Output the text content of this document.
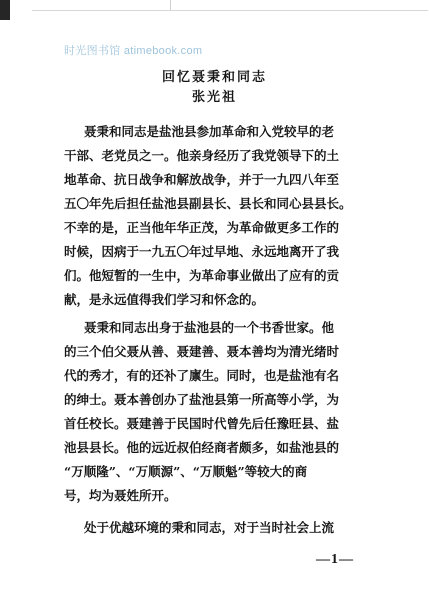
时光图书馆 atimebook.com
回忆聂秉和同志
张光祖
聂秉和同志是盐池县参加革命和入党较早的老
干部、老党员之一。他亲身经历了我党领导下的土
地革命、抗日战争和解放战争，并于一九四八年至
五〇年先后担任盐池县副县长、县长和同心县县长。
不幸的是，正当他年华正茂，为革命做更多工作的
时候，因病于一九五〇年过早地、永远地离开了我
们。他短暂的一生中，为革命事业做出了应有的贡
献，是永远值得我们学习和怀念的。
聂秉和同志出身于盐池县的一个书香世家。他
的三个伯父聂从善、聂建善、聂本善均为清光绪时
代的秀才，有的还补了廪生。同时，也是盐池有名
的绅士。聂本善创办了盐池县第一所高等小学，为
首任校长。聂建善于民国时代曾先后任豫旺县、盐
池县县长。他的远近叔伯经商者颇多，如盐池县的
“万顺隆”、“万顺源”、“万顺魁”等较大的商
号，均为聂姓所开。
处于优越环境的秉和同志，对于当时社会上流
—1—
